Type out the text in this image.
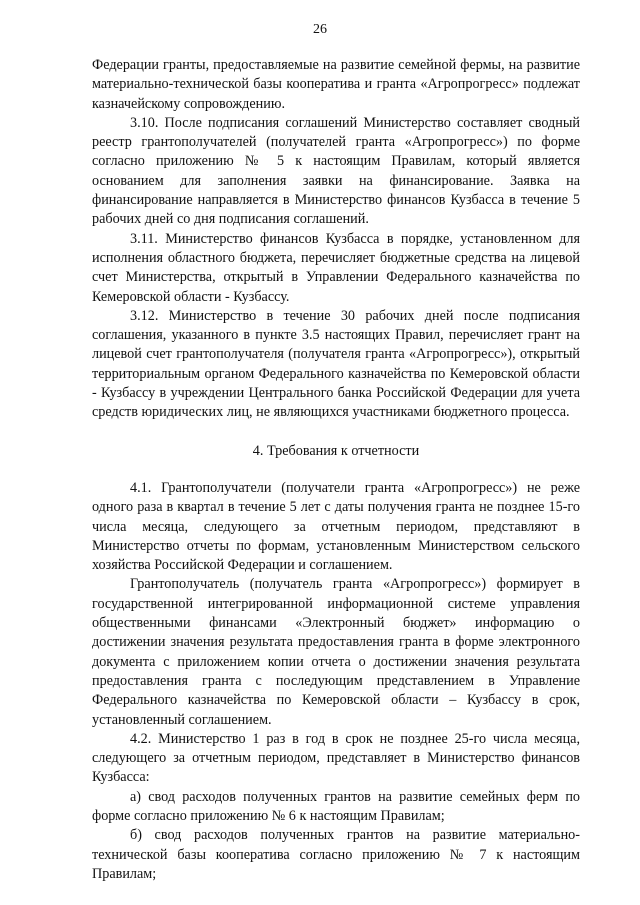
26

Федерации гранты, предоставляемые на развитие семейной фермы, на развитие материально-технической базы кооператива и гранта «Агропрогресс» подлежат казначейскому сопровождению.

3.10. После подписания соглашений Министерство составляет сводный реестр грантополучателей (получателей гранта «Агропрогресс») по форме согласно приложению № 5 к настоящим Правилам, который является основанием для заполнения заявки на финансирование. Заявка на финансирование направляется в Министерство финансов Кузбасса в течение 5 рабочих дней со дня подписания соглашений.

3.11. Министерство финансов Кузбасса в порядке, установленном для исполнения областного бюджета, перечисляет бюджетные средства на лицевой счет Министерства, открытый в Управлении Федерального казначейства по Кемеровской области - Кузбассу.

3.12. Министерство в течение 30 рабочих дней после подписания соглашения, указанного в пункте 3.5 настоящих Правил, перечисляет грант на лицевой счет грантополучателя (получателя гранта «Агропрогресс»), открытый территориальным органом Федерального казначейства по Кемеровской области - Кузбассу в учреждении Центрального банка Российской Федерации для учета средств юридических лиц, не являющихся участниками бюджетного процесса.

4. Требования к отчетности

4.1. Грантополучатели (получатели гранта «Агропрогресс») не реже одного раза в квартал в течение 5 лет с даты получения гранта не позднее 15-го числа месяца, следующего за отчетным периодом, представляют в Министерство отчеты по формам, установленным Министерством сельского хозяйства Российской Федерации и соглашением.

Грантополучатель (получатель гранта «Агропрогресс») формирует в государственной интегрированной информационной системе управления общественными финансами «Электронный бюджет» информацию о достижении значения результата предоставления гранта в форме электронного документа с приложением копии отчета о достижении значения результата предоставления гранта с последующим представлением в Управление Федерального казначейства по Кемеровской области – Кузбассу в срок, установленный соглашением.

4.2. Министерство 1 раз в год в срок не позднее 25-го числа месяца, следующего за отчетным периодом, представляет в Министерство финансов Кузбасса:

а) свод расходов полученных грантов на развитие семейных ферм по форме согласно приложению № 6 к настоящим Правилам;

б) свод расходов полученных грантов на развитие материально-технической базы кооператива согласно приложению № 7 к настоящим Правилам;
